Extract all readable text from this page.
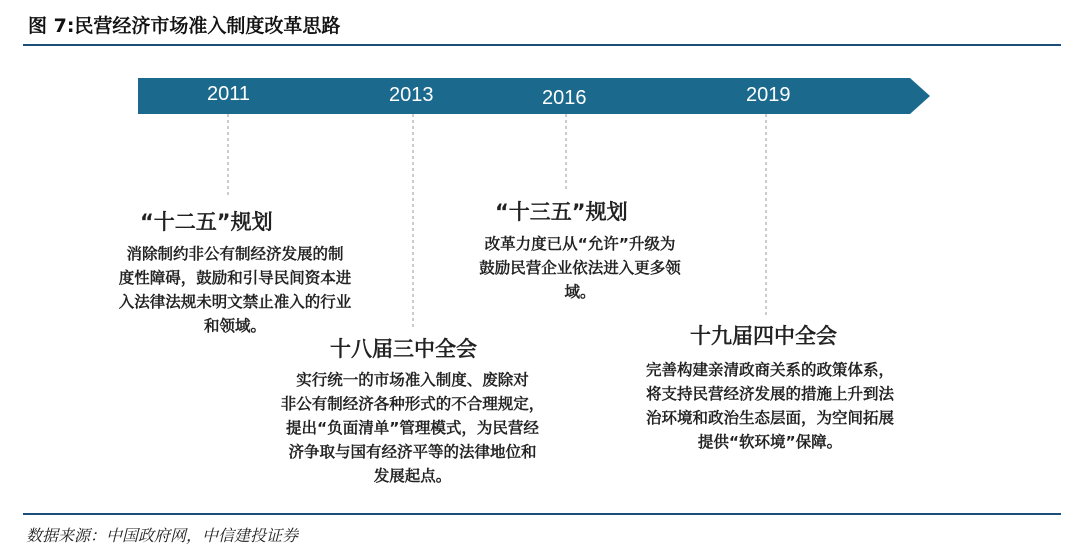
图 7:民营经济市场准入制度改革思路
2011	2013	2016	2019
“十二五”规划
消除制约非公有制经济发展的制
度性障碍，鼓励和引导民间资本进
入法律法规未明文禁止准入的行业
和领域。
十八届三中全会
实行统一的市场准入制度、废除对
非公有制经济各种形式的不合理规定，
提出“负面清单”管理模式，为民营经
济争取与国有经济平等的法律地位和
发展起点。
“十三五”规划
改革力度已从“允许”升级为
鼓励民营企业依法进入更多领
域。
十九届四中全会
完善构建亲清政商关系的政策体系，
将支持民营经济发展的措施上升到法
治环境和政治生态层面，为空间拓展
提供“软环境”保障。
数据来源：中国政府网，中信建投证券
